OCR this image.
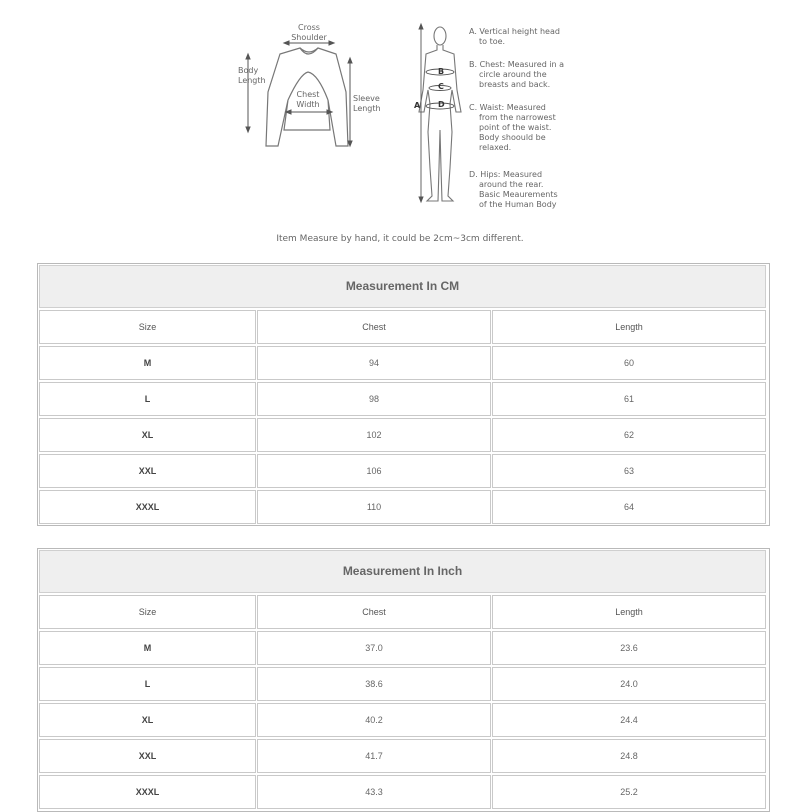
Cross
Shoulder
Body
Length
Chest
Width
Sleeve
Length	A
B
C
D
A. Vertical height head
to toe.
B. Chest: Measured in a
circle around the
breasts and back.
C. Waist: Measured
from the narrowest
point of the waist.
Body shoould be
relaxed.
D. Hips: Measured
around the rear.
Basic Meaurements
of the Human Body
Item Measure by hand, it could be 2cm~3cm different.
Measurement In CM
Size	Chest	Length
M	94	60
L	98	61
XL	102	62
XXL	106	63
XXXL	110	64
Measurement In Inch
Size	Chest	Length
M	37.0	23.6
L	38.6	24.0
XL	40.2	24.4
XXL	41.7	24.8
XXXL	43.3	25.2
